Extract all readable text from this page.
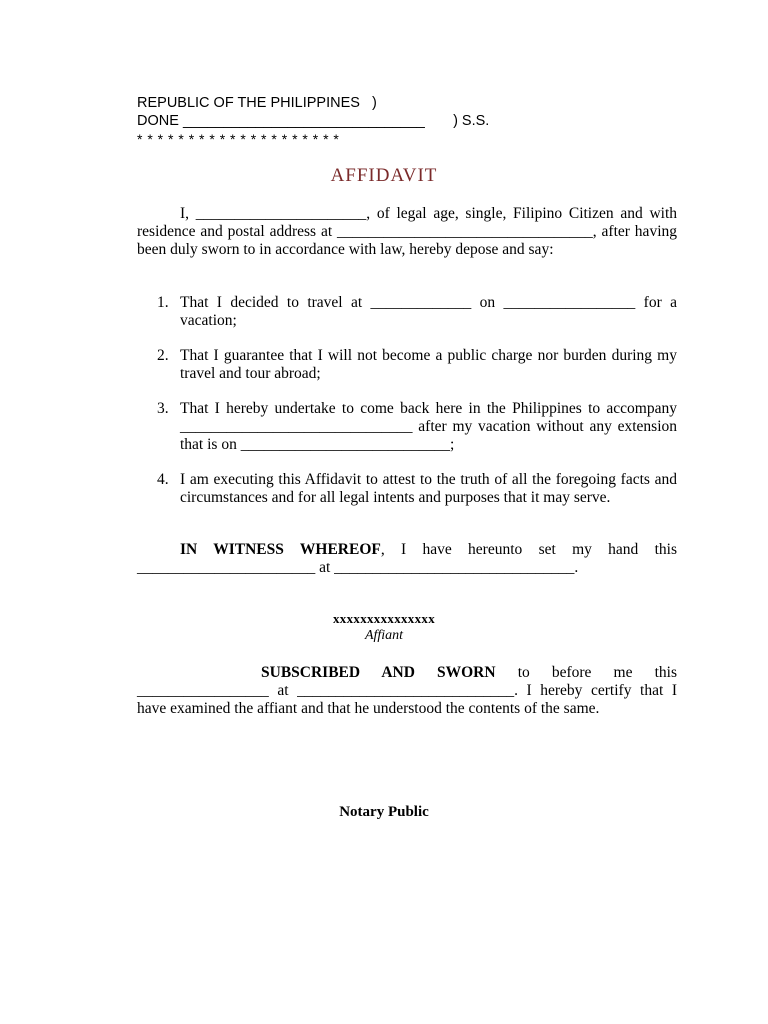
REPUBLIC OF THE PHILIPPINES   )
DONE ______________________________ ) S.S.
* * * * * * * * * * * * * * * * * * * *
AFFIDAVIT
I, ______________________, of legal age, single, Filipino Citizen and with residence and postal address at _________________________________, after having been duly sworn to in accordance with law, hereby depose and say:
1. That I decided to travel at _____________ on _________________ for a vacation;
2. That I guarantee that I will not become a public charge nor burden during my travel and tour abroad;
3. That I hereby undertake to come back here in the Philippines to accompany ______________________________ after my vacation without any extension that is on ___________________________;
4. I am executing this Affidavit to attest to the truth of all the foregoing facts and circumstances and for all legal intents and purposes that it may serve.
IN WITNESS WHEREOF, I have hereunto set my hand this _______________________ at _______________________________.
xxxxxxxxxxxxxxx
Affiant
SUBSCRIBED AND SWORN to before me this _________________ at ____________________________. I hereby certify that I have examined the affiant and that he understood the contents of the same.
Notary Public
